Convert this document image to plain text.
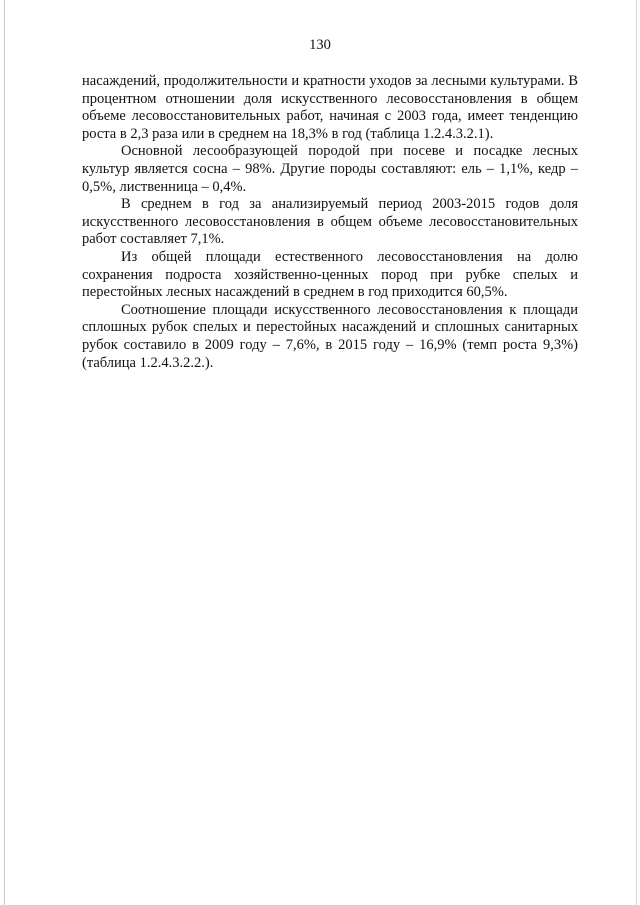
130

насаждений, продолжительности и кратности уходов за лесными культурами. В процентном отношении доля искусственного лесовосстановления в общем объеме лесовосстановительных работ, начиная с 2003 года, имеет тенденцию роста в 2,3 раза или в среднем на 18,3% в год (таблица 1.2.4.3.2.1).

Основной лесообразующей породой при посеве и посадке лесных культур является сосна – 98%. Другие породы составляют: ель – 1,1%, кедр – 0,5%, лиственница – 0,4%.

В среднем в год за анализируемый период 2003-2015 годов доля искусственного лесовосстановления в общем объеме лесовосстановительных работ составляет 7,1%.

Из общей площади естественного лесовосстановления на долю сохранения подроста хозяйственно-ценных пород при рубке спелых и перестойных лесных насаждений в среднем в год приходится 60,5%.

Соотношение площади искусственного лесовосстановления к площади сплошных рубок спелых и перестойных насаждений и сплошных санитарных рубок составило в 2009 году – 7,6%, в 2015 году – 16,9% (темп роста 9,3%) (таблица 1.2.4.3.2.2.).
